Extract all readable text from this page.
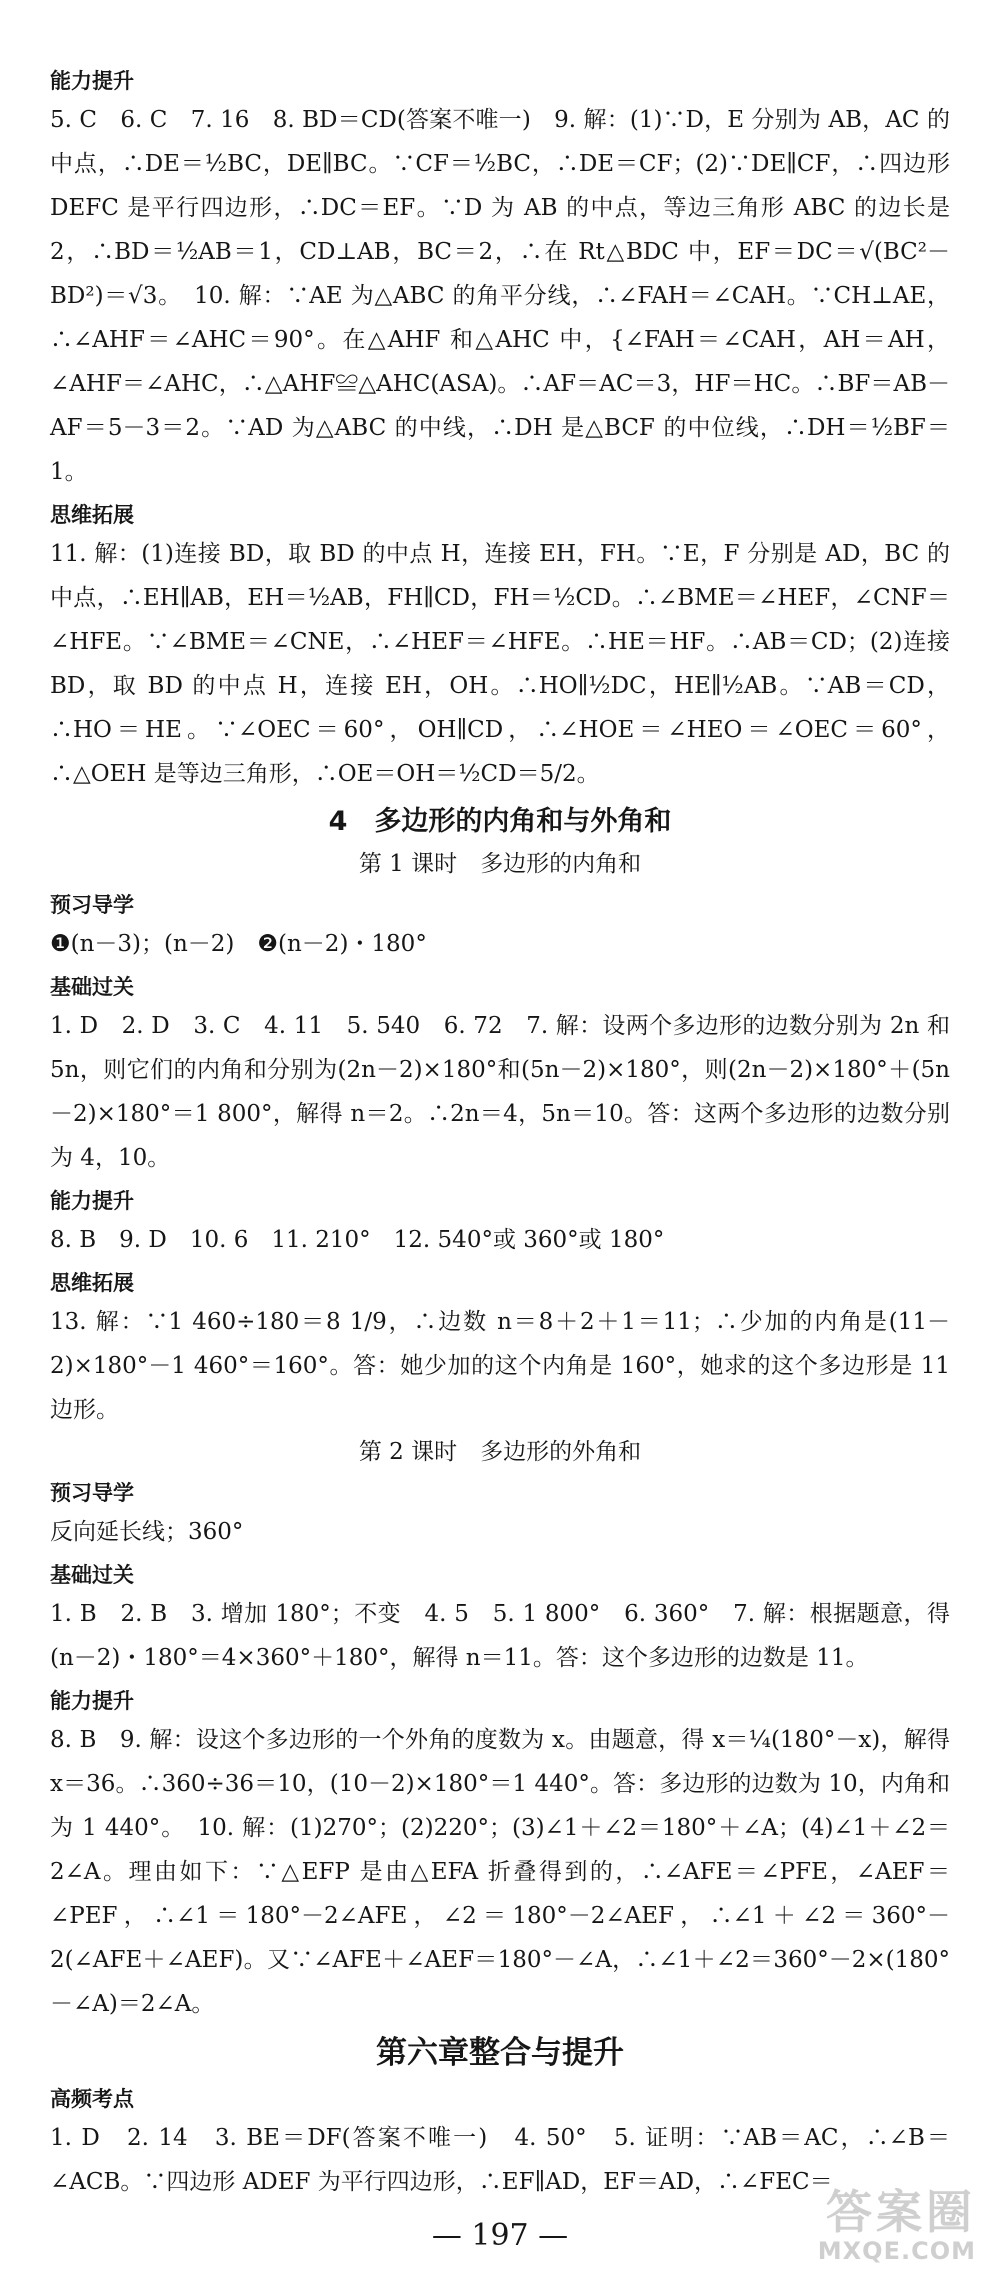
能力提升

5. C　6. C　7. 16　8. BD＝CD(答案不唯一)　9. 解：(1)∵D，E 分别为 AB，AC 的中点，∴DE＝½BC，DE∥BC。∵CF＝½BC，∴DE＝CF；(2)∵DE∥CF，∴四边形 DEFC 是平行四边形，∴DC＝EF。∵D 为 AB 的中点，等边三角形 ABC 的边长是 2，∴BD＝½AB＝1，CD⊥AB，BC＝2，∴在 Rt△BDC 中，EF＝DC＝√(BC²－BD²)＝√3。　10. 解：∵AE 为△ABC 的角平分线，∴∠FAH＝∠CAH。∵CH⊥AE，∴∠AHF＝∠AHC＝90°。在△AHF 和△AHC 中，{∠FAH＝∠CAH，AH＝AH，∠AHF＝∠AHC，∴△AHF≌△AHC(ASA)。∴AF＝AC＝3，HF＝HC。∴BF＝AB－AF＝5－3＝2。∵AD 为△ABC 的中线，∴DH 是△BCF 的中位线，∴DH＝½BF＝1。

思维拓展

11. 解：(1)连接 BD，取 BD 的中点 H，连接 EH，FH。∵E，F 分别是 AD，BC 的中点，∴EH∥AB，EH＝½AB，FH∥CD，FH＝½CD。∴∠BME＝∠HEF，∠CNF＝∠HFE。∵∠BME＝∠CNE，∴∠HEF＝∠HFE。∴HE＝HF。∴AB＝CD；(2)连接 BD，取 BD 的中点 H，连接 EH，OH。∴HO∥½DC，HE∥½AB。∵AB＝CD，∴HO＝HE。∵∠OEC＝60°，OH∥CD，∴∠HOE＝∠HEO＝∠OEC＝60°，∴△OEH 是等边三角形，∴OE＝OH＝½CD＝5/2。

4　多边形的内角和与外角和
第 1 课时　多边形的内角和
预习导学

❶(n－3)；(n－2)　❷(n－2)・180°

基础过关

1. D　2. D　3. C　4. 11　5. 540　6. 72　7. 解：设两个多边形的边数分别为 2n 和 5n，则它们的内角和分别为(2n－2)×180°和(5n－2)×180°，则(2n－2)×180°＋(5n－2)×180°＝1 800°，解得 n＝2。∴2n＝4，5n＝10。答：这两个多边形的边数分别为 4，10。

能力提升

8. B　9. D　10. 6　11. 210°　12. 540°或 360°或 180°

思维拓展

13. 解：∵1 460÷180＝8 1/9，∴边数 n＝8＋2＋1＝11；∴少加的内角是(11－2)×180°－1 460°＝160°。答：她少加的这个内角是 160°，她求的这个多边形是 11 边形。

第 2 课时　多边形的外角和
预习导学

反向延长线；360°

基础过关

1. B　2. B　3. 增加 180°；不变　4. 5　5. 1 800°　6. 360°　7. 解：根据题意，得(n－2)・180°＝4×360°＋180°，解得 n＝11。答：这个多边形的边数是 11。

能力提升

8. B　9. 解：设这个多边形的一个外角的度数为 x。由题意，得 x＝¼(180°－x)，解得 x＝36。∴360÷36＝10，(10－2)×180°＝1 440°。答：多边形的边数为 10，内角和为 1 440°。　10. 解：(1)270°；(2)220°；(3)∠1＋∠2＝180°＋∠A；(4)∠1＋∠2＝2∠A。理由如下：∵△EFP 是由△EFA 折叠得到的，∴∠AFE＝∠PFE，∠AEF＝∠PEF，∴∠1＝180°－2∠AFE，∠2＝180°－2∠AEF，∴∠1＋∠2＝360°－2(∠AFE＋∠AEF)。又∵∠AFE＋∠AEF＝180°－∠A，∴∠1＋∠2＝360°－2×(180°－∠A)＝2∠A。

第六章整合与提升
高频考点

1. D　2. 14　3. BE＝DF(答案不唯一)　4. 50°　5. 证明：∵AB＝AC，∴∠B＝∠ACB。∵四边形 ADEF 为平行四边形，∴EF∥AD，EF＝AD，∴∠FEC＝

— 197 —	答案圈
MXQE.COM
